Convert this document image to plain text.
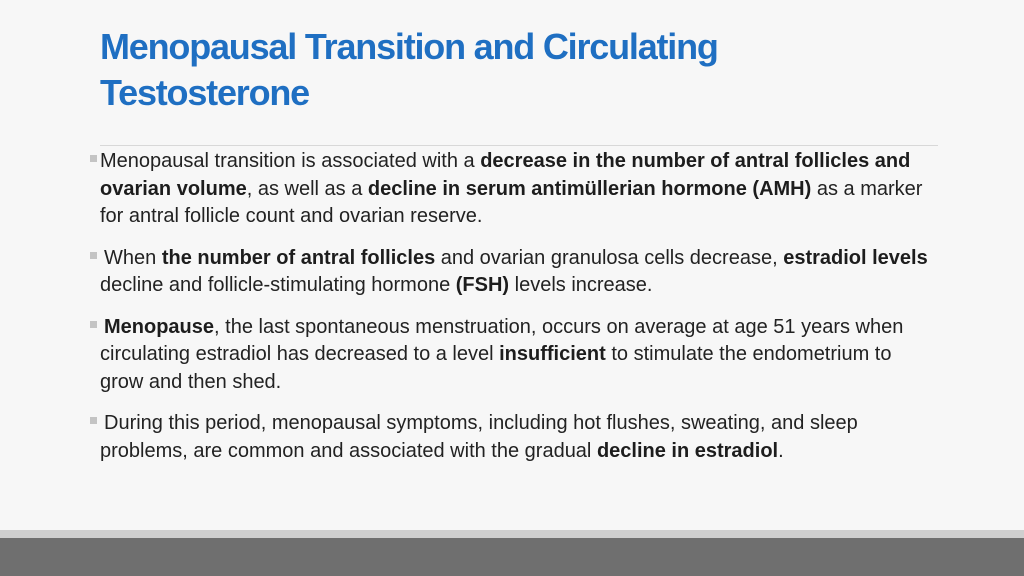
Menopausal Transition and Circulating Testosterone

Menopausal transition is associated with a decrease in the number of antral follicles and ovarian volume, as well as a decline in serum antimüllerian hormone (AMH) as a marker for antral follicle count and ovarian reserve.

When the number of antral follicles and ovarian granulosa cells decrease, estradiol levels decline and follicle-stimulating hormone (FSH) levels increase.

Menopause, the last spontaneous menstruation, occurs on average at age 51 years when circulating estradiol has decreased to a level insufficient to stimulate the endometrium to grow and then shed.

During this period, menopausal symptoms, including hot flushes, sweating, and sleep problems, are common and associated with the gradual decline in estradiol.
